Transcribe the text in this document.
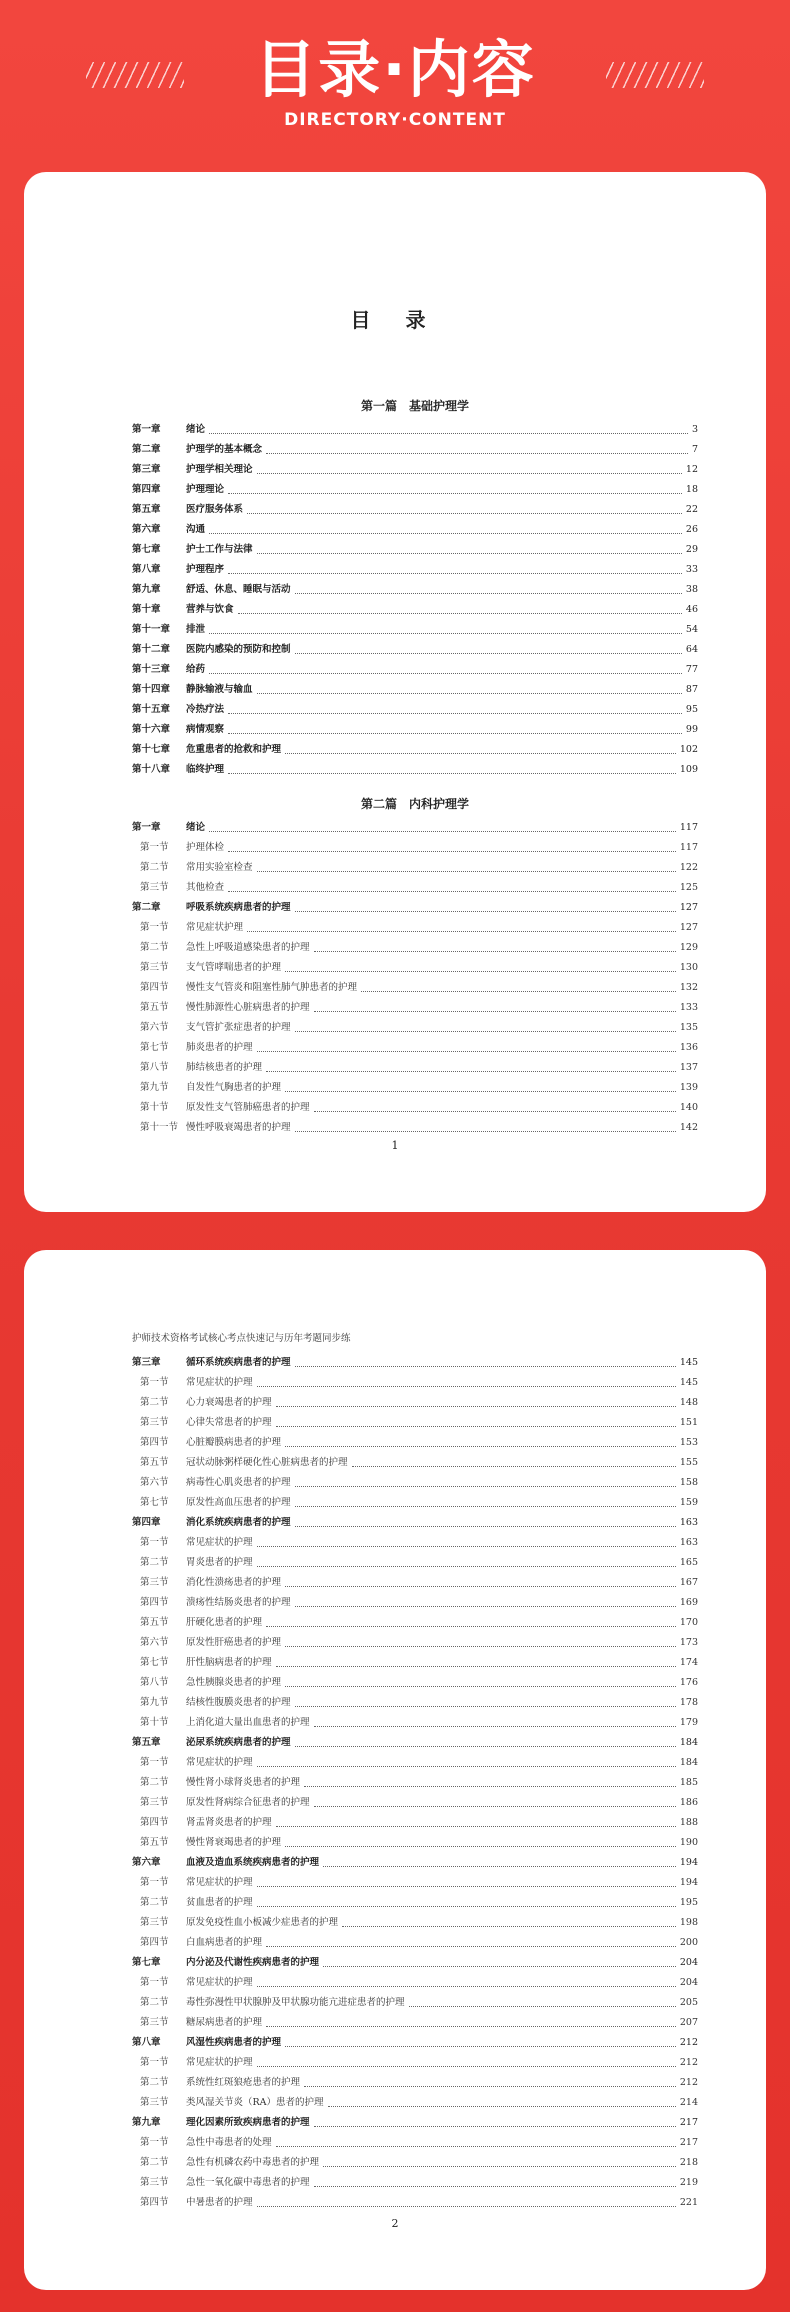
目录·内容
DIRECTORY·CONTENT
目 录
第一篇　基础护理学
第一章	绪论	3
第二章	护理学的基本概念	7
第三章	护理学相关理论	12
第四章	护理理论	18
第五章	医疗服务体系	22
第六章	沟通	26
第七章	护士工作与法律	29
第八章	护理程序	33
第九章	舒适、休息、睡眠与活动	38
第十章	营养与饮食	46
第十一章	排泄	54
第十二章	医院内感染的预防和控制	64
第十三章	给药	77
第十四章	静脉输液与输血	87
第十五章	冷热疗法	95
第十六章	病情观察	99
第十七章	危重患者的抢救和护理	102
第十八章	临终护理	109
第二篇　内科护理学
第一章	绪论	117
第一节	护理体检	117
第二节	常用实验室检查	122
第三节	其他检查	125
第二章	呼吸系统疾病患者的护理	127
第一节	常见症状护理	127
第二节	急性上呼吸道感染患者的护理	129
第三节	支气管哮喘患者的护理	130
第四节	慢性支气管炎和阻塞性肺气肿患者的护理	132
第五节	慢性肺源性心脏病患者的护理	133
第六节	支气管扩张症患者的护理	135
第七节	肺炎患者的护理	136
第八节	肺结核患者的护理	137
第九节	自发性气胸患者的护理	139
第十节	原发性支气管肺癌患者的护理	140
第十一节 慢性呼吸衰竭患者的护理	142
1
护师技术资格考试核心考点快速记与历年考题同步练
第三章	循环系统疾病患者的护理	145
第一节	常见症状的护理	145
第二节	心力衰竭患者的护理	148
第三节	心律失常患者的护理	151
第四节	心脏瓣膜病患者的护理	153
第五节	冠状动脉粥样硬化性心脏病患者的护理	155
第六节	病毒性心肌炎患者的护理	158
第七节	原发性高血压患者的护理	159
第四章	消化系统疾病患者的护理	163
第一节	常见症状的护理	163
第二节	胃炎患者的护理	165
第三节	消化性溃疡患者的护理	167
第四节	溃疡性结肠炎患者的护理	169
第五节	肝硬化患者的护理	170
第六节	原发性肝癌患者的护理	173
第七节	肝性脑病患者的护理	174
第八节	急性胰腺炎患者的护理	176
第九节	结核性腹膜炎患者的护理	178
第十节	上消化道大量出血患者的护理	179
第五章	泌尿系统疾病患者的护理	184
第一节	常见症状的护理	184
第二节	慢性肾小球肾炎患者的护理	185
第三节	原发性肾病综合征患者的护理	186
第四节	肾盂肾炎患者的护理	188
第五节	慢性肾衰竭患者的护理	190
第六章	血液及造血系统疾病患者的护理	194
第一节	常见症状的护理	194
第二节	贫血患者的护理	195
第三节	原发免疫性血小板减少症患者的护理	198
第四节	白血病患者的护理	200
第七章	内分泌及代谢性疾病患者的护理	204
第一节	常见症状的护理	204
第二节	毒性弥漫性甲状腺肿及甲状腺功能亢进症患者的护理	205
第三节	糖尿病患者的护理	207
第八章	风湿性疾病患者的护理	212
第一节	常见症状的护理	212
第二节	系统性红斑狼疮患者的护理	212
第三节	类风湿关节炎（RA）患者的护理	214
第九章	理化因素所致疾病患者的护理	217
第一节	急性中毒患者的处理	217
第二节	急性有机磷农药中毒患者的护理	218
第三节	急性一氧化碳中毒患者的护理	219
第四节	中暑患者的护理	221
2
